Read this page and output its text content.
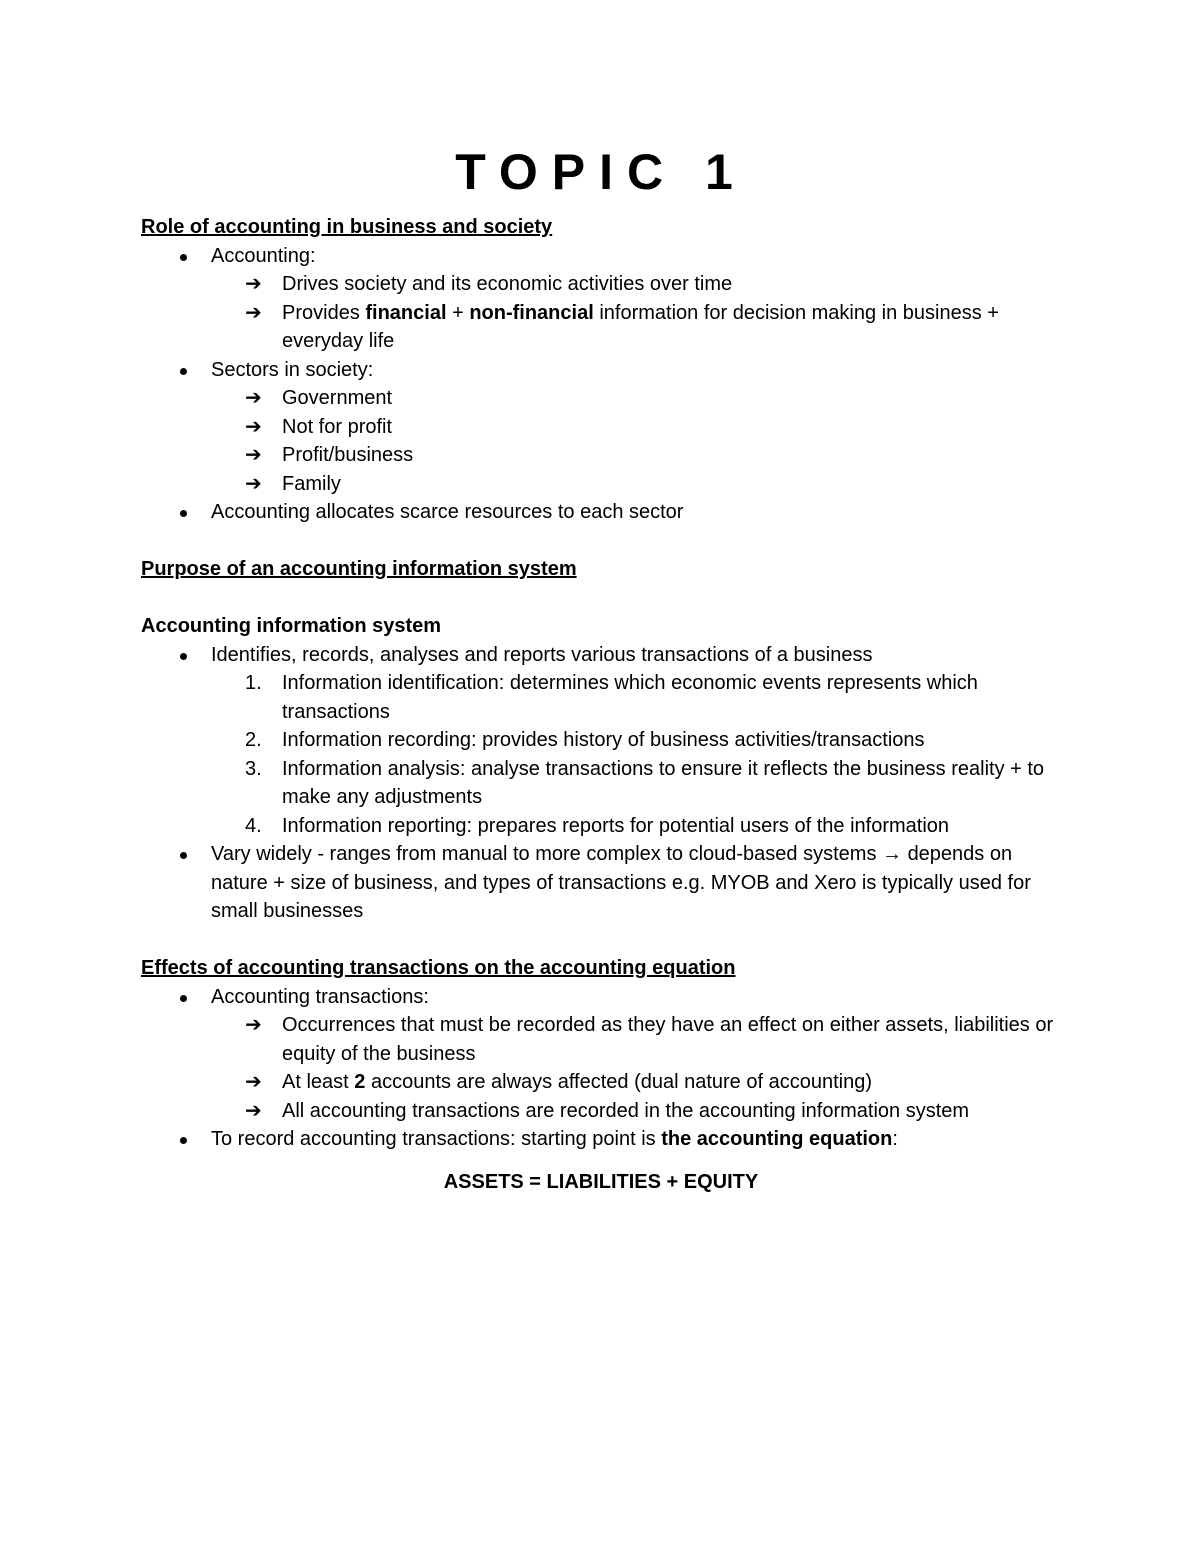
TOPIC 1

Role of accounting in business and society

Accounting:
➔ Drives society and its economic activities over time
➔ Provides financial + non-financial information for decision making in business + everyday life
Sectors in society:
➔ Government
➔ Not for profit
➔ Profit/business
➔ Family
Accounting allocates scarce resources to each sector

Purpose of an accounting information system

Accounting information system

Identifies, records, analyses and reports various transactions of a business
1. Information identification: determines which economic events represents which transactions
2. Information recording: provides history of business activities/transactions
3. Information analysis: analyse transactions to ensure it reflects the business reality + to make any adjustments
4. Information reporting: prepares reports for potential users of the information
Vary widely - ranges from manual to more complex to cloud-based systems → depends on nature + size of business, and types of transactions e.g. MYOB and Xero is typically used for small businesses

Effects of accounting transactions on the accounting equation

Accounting transactions:
➔ Occurrences that must be recorded as they have an effect on either assets, liabilities or equity of the business
➔ At least 2 accounts are always affected (dual nature of accounting)
➔ All accounting transactions are recorded in the accounting information system
To record accounting transactions: starting point is the accounting equation:

ASSETS = LIABILITIES + EQUITY
